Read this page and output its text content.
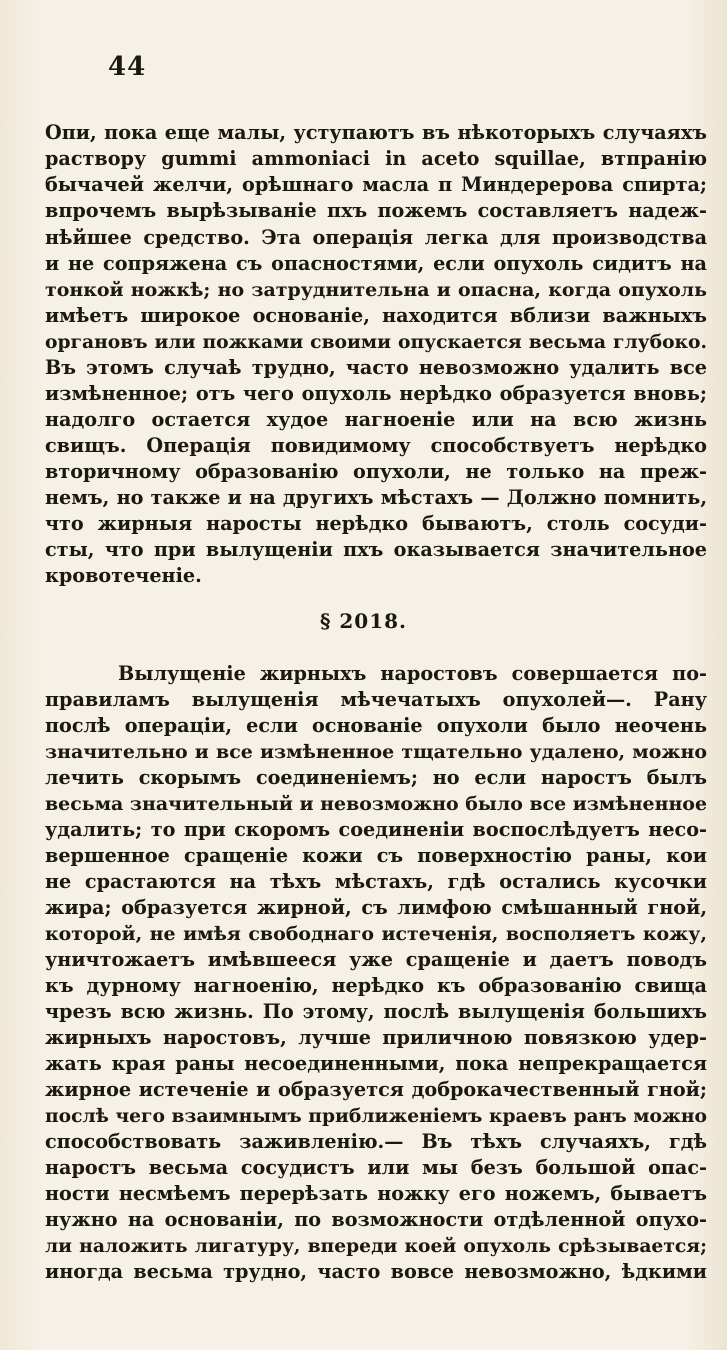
44
Опи, пока еще малы, уступаютъ въ нѣкоторыхъ случаяхъ
раствору gummi ammoniaci in aceto squillae, втпранію
бычачей желчи, орѣшнаго масла п Миндерерова спирта;
впрочемъ вырѣзываніе пхъ пожемъ составляетъ надеж-
нѣйшее средство. Эта операція легка для производства
и не сопряжена съ опасностями, если опухоль сидитъ на
тонкой ножкѣ; но затруднительна и опасна, когда опухоль
имѣетъ широкое основаніе, находится вблизи важныхъ
органовъ или пожками своими опускается весьма глубоко.
Въ этомъ случаѣ трудно, часто невозможно удалить все
измѣненное; отъ чего опухоль нерѣдко образуется вновь;
надолго остается худое нагноеніе или на всю жизнь
свищъ. Операція повидимому способствуетъ нерѣдко
вторичному образованію опухоли, не только на преж-
немъ, но также и на другихъ мѣстахъ — Должно помнить,
что жирныя наросты нерѣдко бываютъ, столь сосуди-
сты, что при вылущеніи пхъ оказывается значительное
кровотеченіе.
§ 2018.
Вылущеніе жирныхъ наростовъ совершается по-
правиламъ вылущенія мѣчечатыхъ опухолей—. Рану
послѣ операціи, если основаніе опухоли было неочень
значительно и все измѣненное тщательно удалено, можно
лечить скорымъ соединеніемъ; но если наростъ былъ
весьма значительный и невозможно было все измѣненное
удалить; то при скоромъ соединеніи воспослѣдуетъ несо-
вершенное сращеніе кожи съ поверхностію раны, кои
не срастаются на тѣхъ мѣстахъ, гдѣ остались кусочки
жира; образуется жирной, съ лимфою смѣшанный гной,
которой, не имѣя свободнаго истеченія, восполяетъ кожу,
уничтожаетъ имѣвшееся уже сращеніе и даетъ поводъ
къ дурному нагноенію, нерѣдко къ образованію свища
чрезъ всю жизнь. По этому, послѣ вылущенія большихъ
жирныхъ наростовъ, лучше приличною повязкою удер-
жать края раны несоединенными, пока непрекращается
жирное истеченіе и образуется доброкачественный гной;
послѣ чего взаимнымъ приближеніемъ краевъ ранъ можно
способствовать заживленію.— Въ тѣхъ случаяхъ, гдѣ
наростъ весьма сосудистъ или мы безъ большой опас-
ности несмѣемъ перерѣзать ножку его ножемъ, бываетъ
нужно на основаніи, по возможности отдѣленной опухо-
ли наложить лигатуру, впереди коей опухоль срѣзывается;
иногда весьма трудно, часто вовсе невозможно, ѣдкими
